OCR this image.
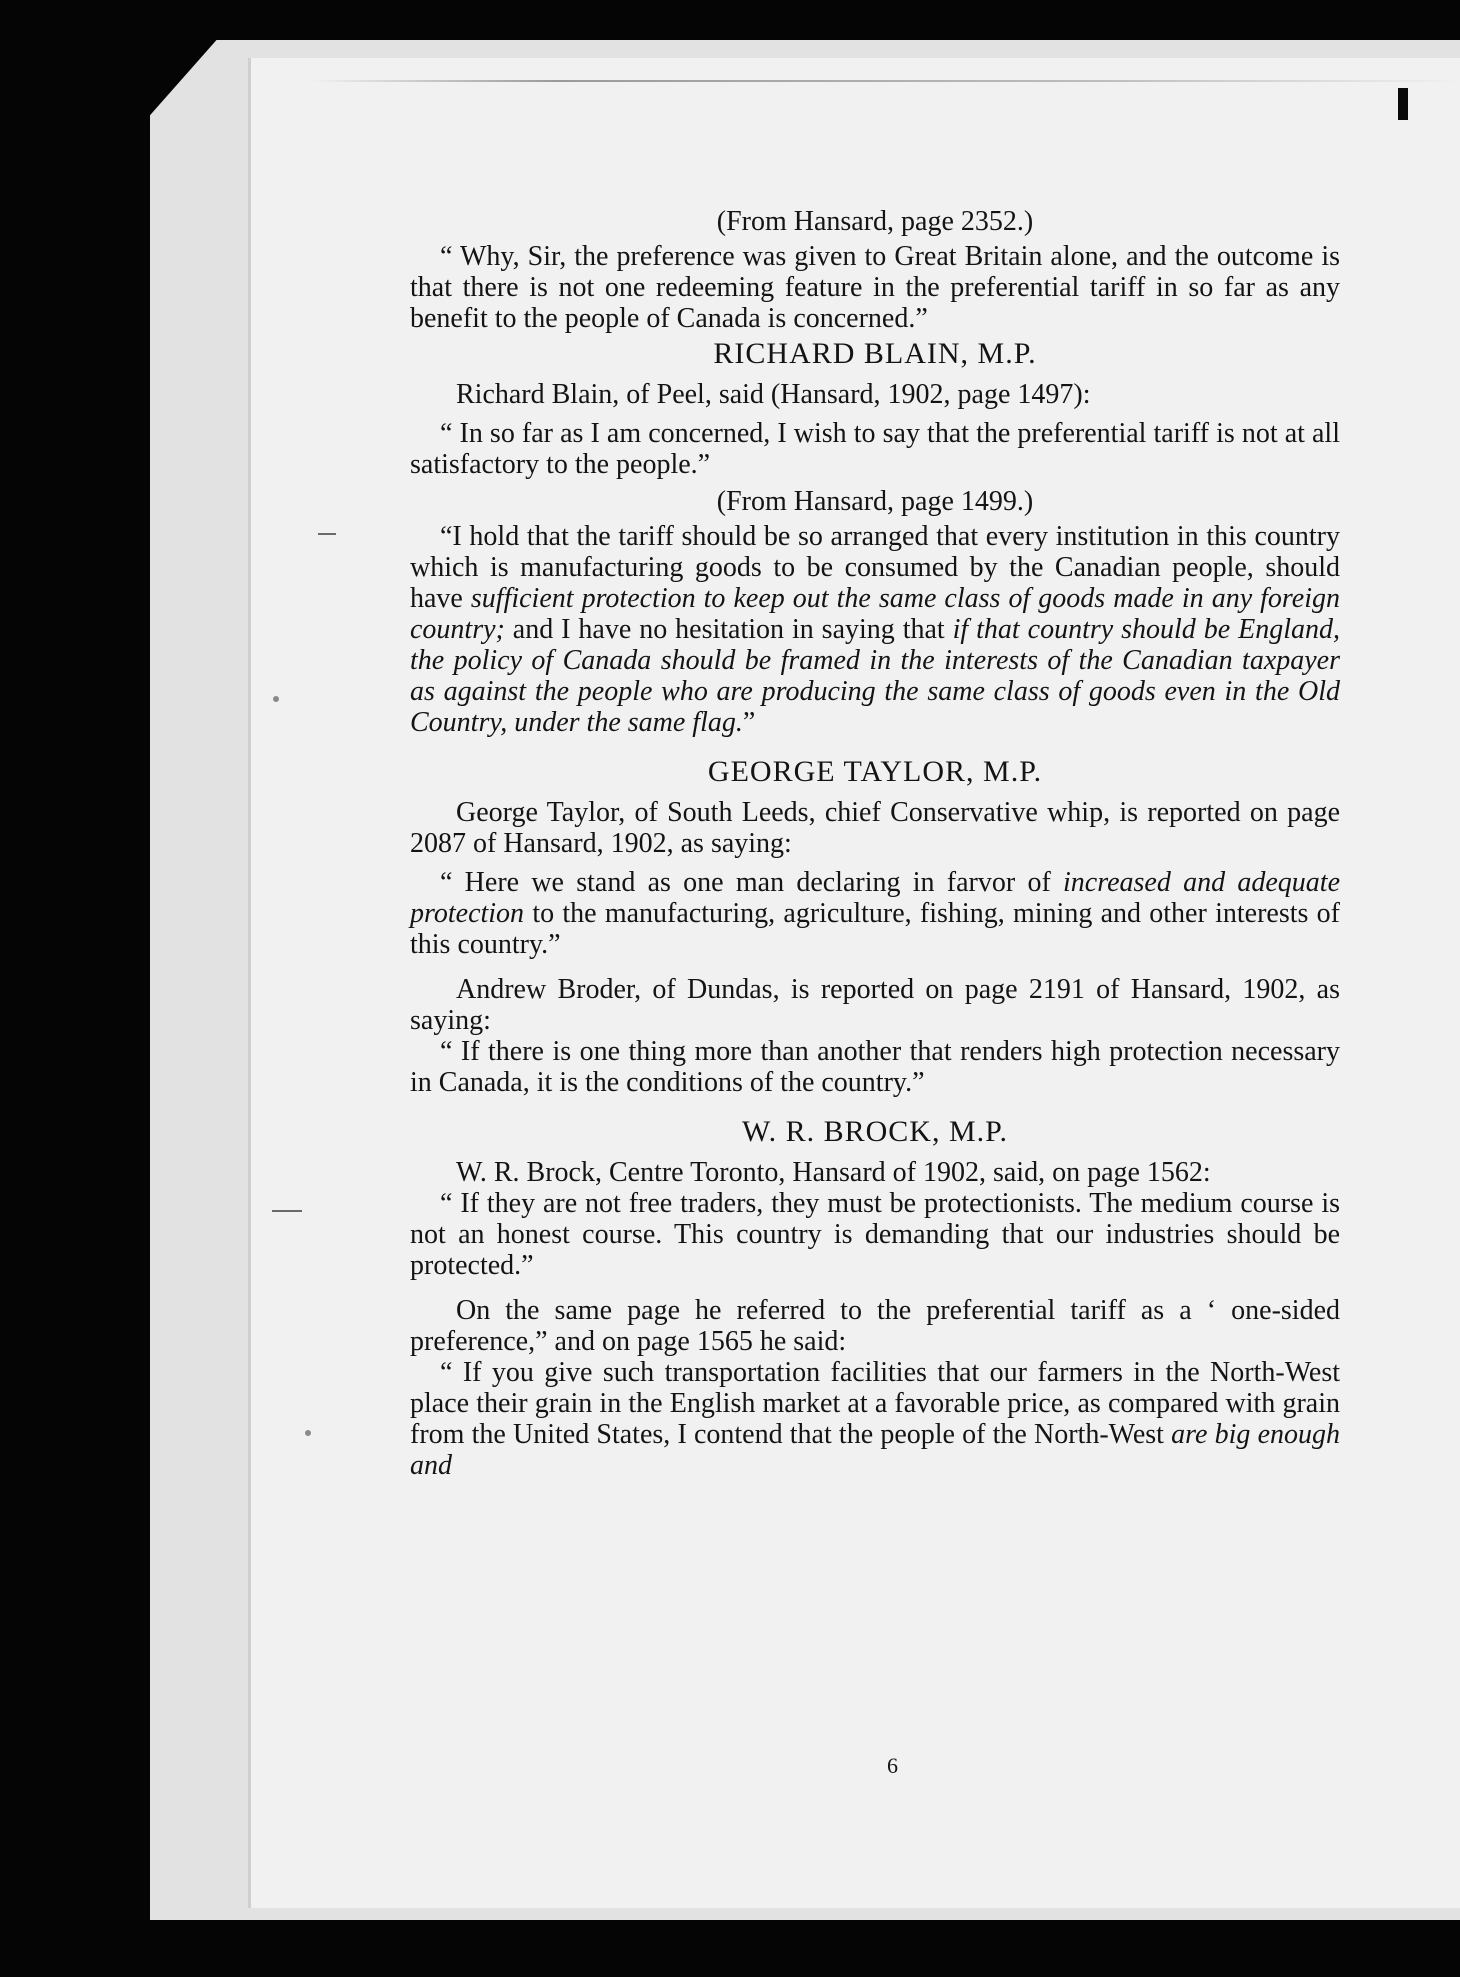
(From Hansard, page 2352.)

“ Why, Sir, the preference was given to Great Britain alone, and the outcome is that there is not one redeeming feature in the preferential tariff in so far as any benefit to the people of Canada is concerned.”

RICHARD BLAIN, M.P.

Richard Blain, of Peel, said (Hansard, 1902, page 1497):

“ In so far as I am concerned, I wish to say that the preferential tariff is not at all satisfactory to the people.”

(From Hansard, page 1499.)

“I hold that the tariff should be so arranged that every institution in this country which is manufacturing goods to be consumed by the Canadian people, should have sufficient protection to keep out the same class of goods made in any foreign country; and I have no hesitation in saying that if that country should be England, the policy of Canada should be framed in the interests of the Canadian taxpayer as against the people who are producing the same class of goods even in the Old Country, under the same flag.”

GEORGE TAYLOR, M.P.

George Taylor, of South Leeds, chief Conservative whip, is reported on page 2087 of Hansard, 1902, as saying:

“ Here we stand as one man declaring in farvor of increased and adequate protection to the manufacturing, agriculture, fishing, mining and other interests of this country.”

Andrew Broder, of Dundas, is reported on page 2191 of Hansard, 1902, as saying:

“ If there is one thing more than another that renders high protection necessary in Canada, it is the conditions of the country.”

W. R. BROCK, M.P.

W. R. Brock, Centre Toronto, Hansard of 1902, said, on page 1562:

“ If they are not free traders, they must be protectionists. The medium course is not an honest course. This country is demanding that our industries should be protected.”

On the same page he referred to the preferential tariff as a ‘ one-sided preference,” and on page 1565 he said:

“ If you give such transportation facilities that our farmers in the North-West place their grain in the English market at a favorable price, as compared with grain from the United States, I contend that the people of the North-West are big enough and

6
